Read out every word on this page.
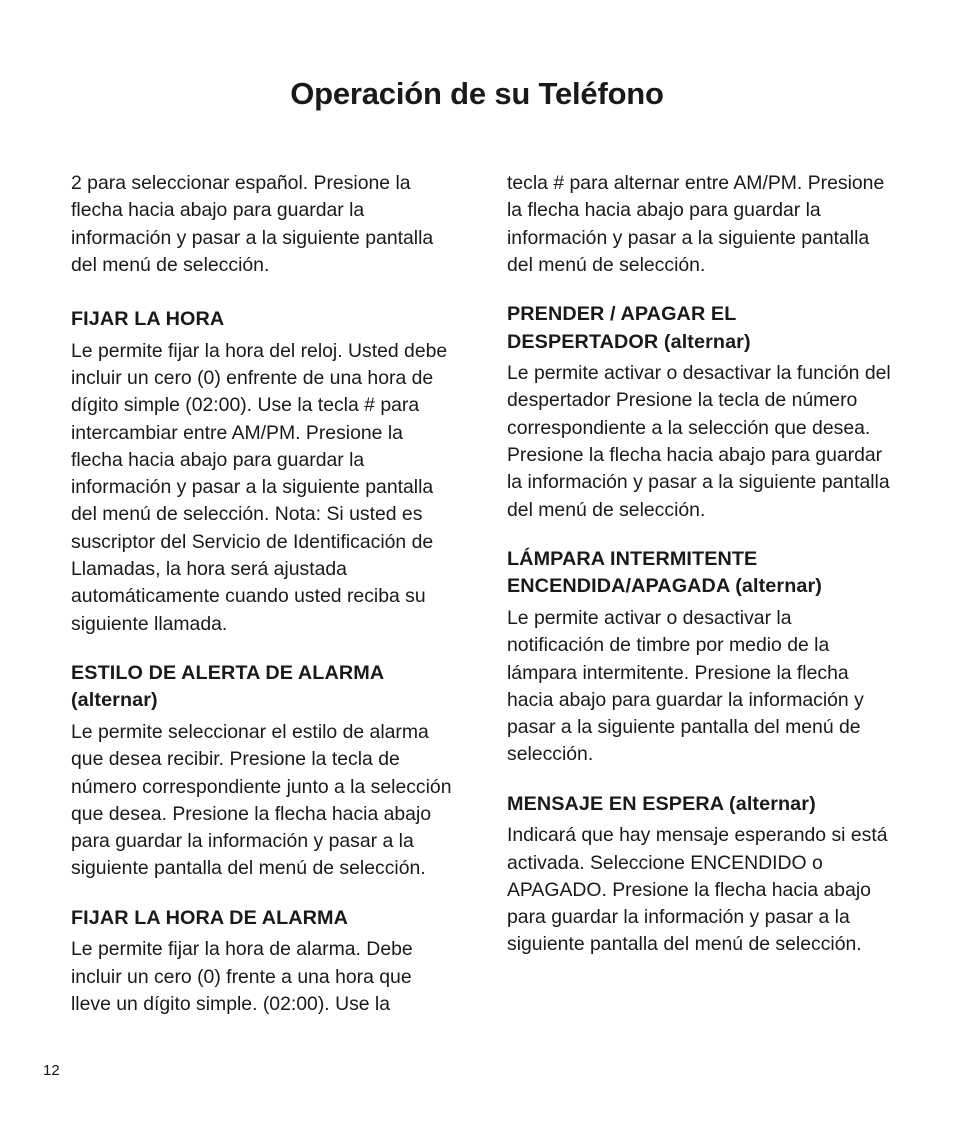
Operación de su Teléfono

2 para seleccionar español. Presione la flecha hacia abajo para guardar la información y pasar a la siguiente pantalla del menú de selección.

FIJAR LA HORA

Le permite fijar la hora del reloj. Usted debe incluir un cero (0) enfrente de una hora de dígito simple (02:00). Use la tecla # para intercambiar entre AM/PM. Presione la flecha hacia abajo para guardar la información y pasar a la siguiente pantalla del menú de selección. Nota: Si usted es suscriptor del Servicio de Identificación de Llamadas, la hora será ajustada automáticamente cuando usted reciba su siguiente llamada.

ESTILO DE ALERTA DE ALARMA (alternar)

Le permite seleccionar el estilo de alarma que desea recibir. Presione la tecla de número correspondiente junto a la selección que desea. Presione la flecha hacia abajo para guardar la información y pasar a la siguiente pantalla del menú de selección.

FIJAR LA HORA DE ALARMA

Le permite fijar la hora de alarma. Debe incluir un cero (0) frente a una hora que lleve un dígito simple. (02:00). Use la

tecla # para alternar entre AM/PM. Presione la flecha hacia abajo para guardar la información y pasar a la siguiente pantalla del menú de selección.

PRENDER / APAGAR EL DESPERTADOR (alternar)

Le permite activar o desactivar la función del despertador Presione la tecla de número correspondiente a la selección que desea. Presione la flecha hacia abajo para guardar la información y pasar a la siguiente pantalla del menú de selección.

LÁMPARA INTERMITENTE ENCENDIDA/APAGADA (alternar)

Le permite activar o desactivar la notificación de timbre por medio de la lámpara intermitente. Presione la flecha hacia abajo para guardar la información y pasar a la siguiente pantalla del menú de selección.

MENSAJE EN ESPERA (alternar)

Indicará que hay mensaje esperando si está activada. Seleccione ENCENDIDO o APAGADO. Presione la flecha hacia abajo para guardar la información y pasar a la siguiente pantalla del menú de selección.

12
